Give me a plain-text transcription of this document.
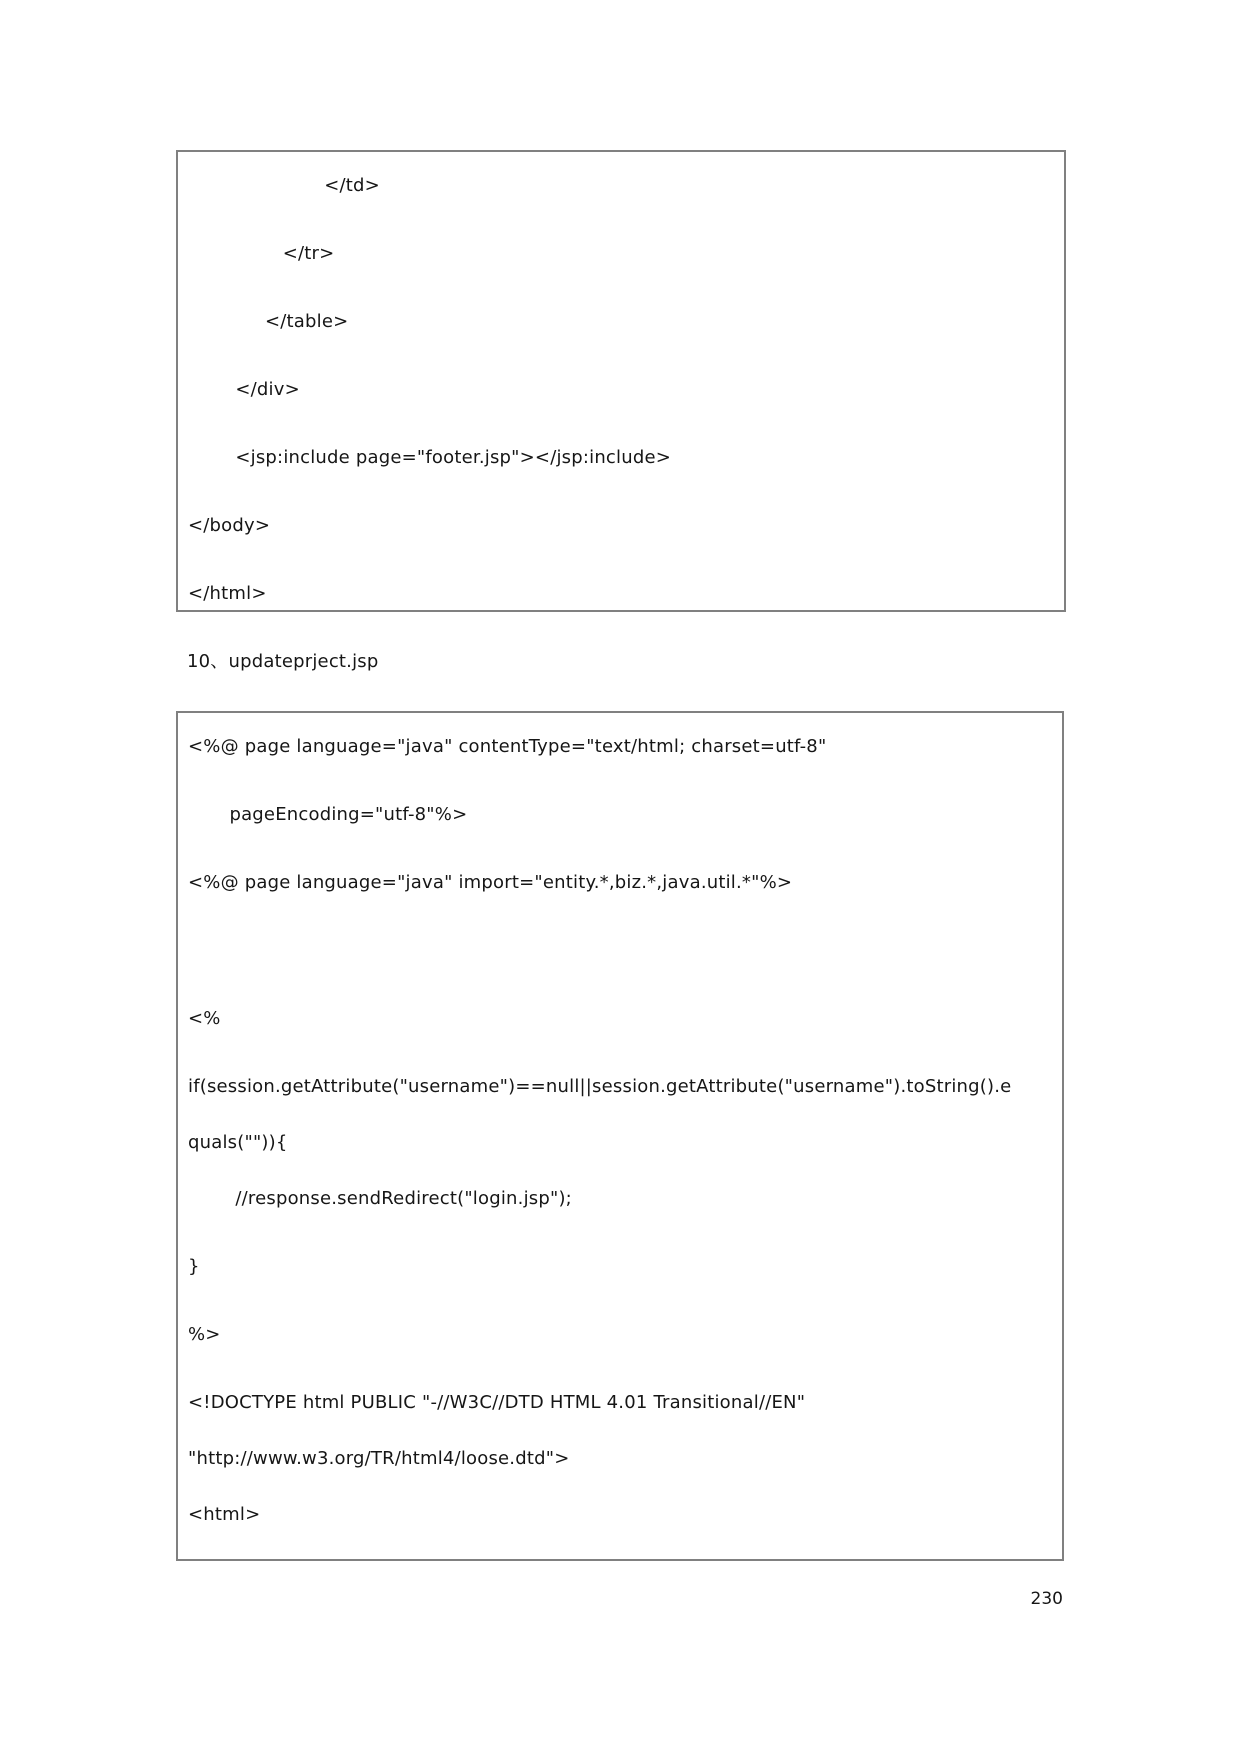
</td>
</tr>
</table>
</div>
<jsp:include page="footer.jsp"></jsp:include>
</body>
</html>
10、updateprject.jsp
<%@ page language="java" contentType="text/html; charset=utf-8"
pageEncoding="utf-8"%>
<%@ page language="java" import="entity.*,biz.*,java.util.*"%>
<%
if(session.getAttribute("username")==null||session.getAttribute("username").toString().e
quals("")){
//response.sendRedirect("login.jsp");
}
%>
<!DOCTYPE html PUBLIC "-//W3C//DTD HTML 4.01 Transitional//EN"
"http://www.w3.org/TR/html4/loose.dtd">
<html>
230
